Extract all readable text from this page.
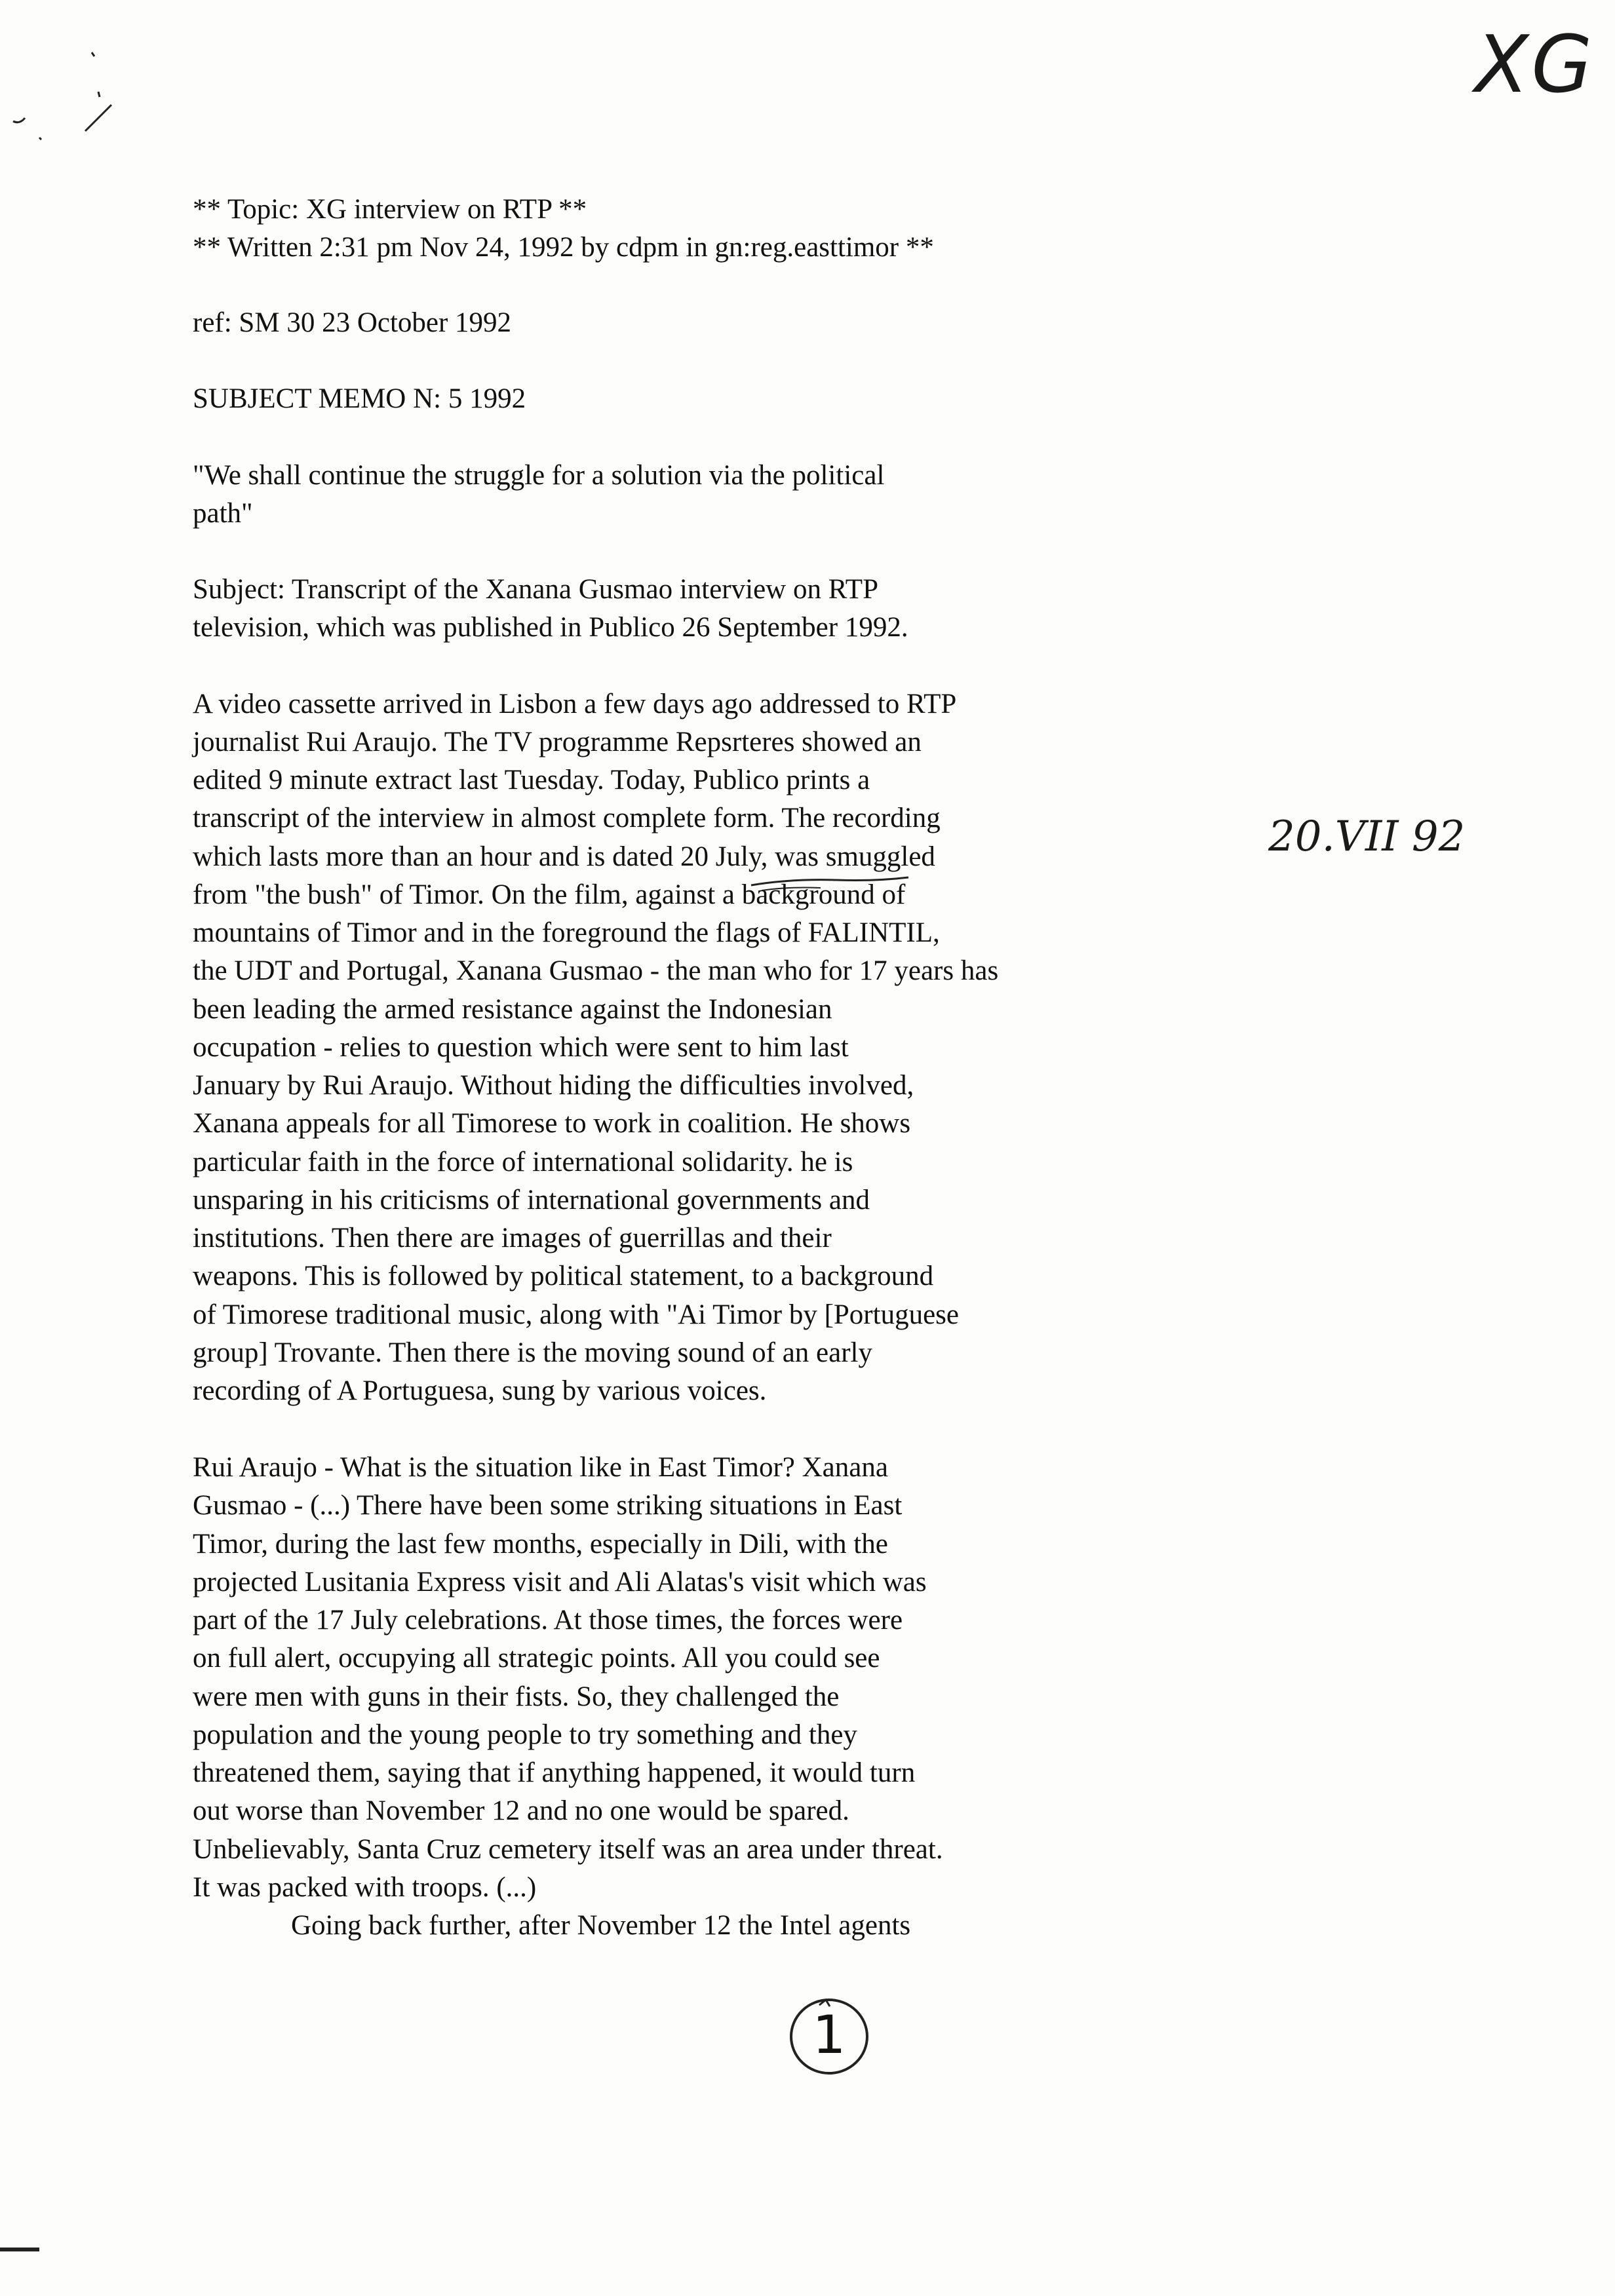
XG
20.VII 92
** Topic: XG interview on RTP **
** Written 2:31 pm Nov 24, 1992 by cdpm in gn:reg.easttimor **
ref: SM 30 23 October 1992
SUBJECT MEMO N: 5 1992
"We shall continue the struggle for a solution via the political
path"
Subject: Transcript of the Xanana Gusmao interview on RTP
television, which was published in Publico 26 September 1992.
A video cassette arrived in Lisbon a few days ago addressed to RTP
journalist Rui Araujo. The TV programme Repsrteres showed an
edited 9 minute extract last Tuesday. Today, Publico prints a
transcript of the interview in almost complete form. The recording
which lasts more than an hour and is dated 20 July, was smuggled
from "the bush" of Timor. On the film, against a background of
mountains of Timor and in the foreground the flags of FALINTIL,
the UDT and Portugal, Xanana Gusmao - the man who for 17 years has
been leading the armed resistance against the Indonesian
occupation - relies to question which were sent to him last
January by Rui Araujo. Without hiding the difficulties involved,
Xanana appeals for all Timorese to work in coalition. He shows
particular faith in the force of international solidarity. he is
unsparing in his criticisms of international governments and
institutions. Then there are images of guerrillas and their
weapons. This is followed by political statement, to a background
of Timorese traditional music, along with "Ai Timor by [Portuguese
group] Trovante. Then there is the moving sound of an early
recording of A Portuguesa, sung by various voices.
Rui Araujo - What is the situation like in East Timor? Xanana
Gusmao - (...) There have been some striking situations in East
Timor, during the last few months, especially in Dili, with the
projected Lusitania Express visit and Ali Alatas's visit which was
part of the 17 July celebrations. At those times, the forces were
on full alert, occupying all strategic points. All you could see
were men with guns in their fists. So, they challenged the
population and the young people to try something and they
threatened them, saying that if anything happened, it would turn
out worse than November 12 and no one would be spared.
Unbelievably, Santa Cruz cemetery itself was an area under threat.
It was packed with troops. (...)
Going back further, after November 12 the Intel agents
1
